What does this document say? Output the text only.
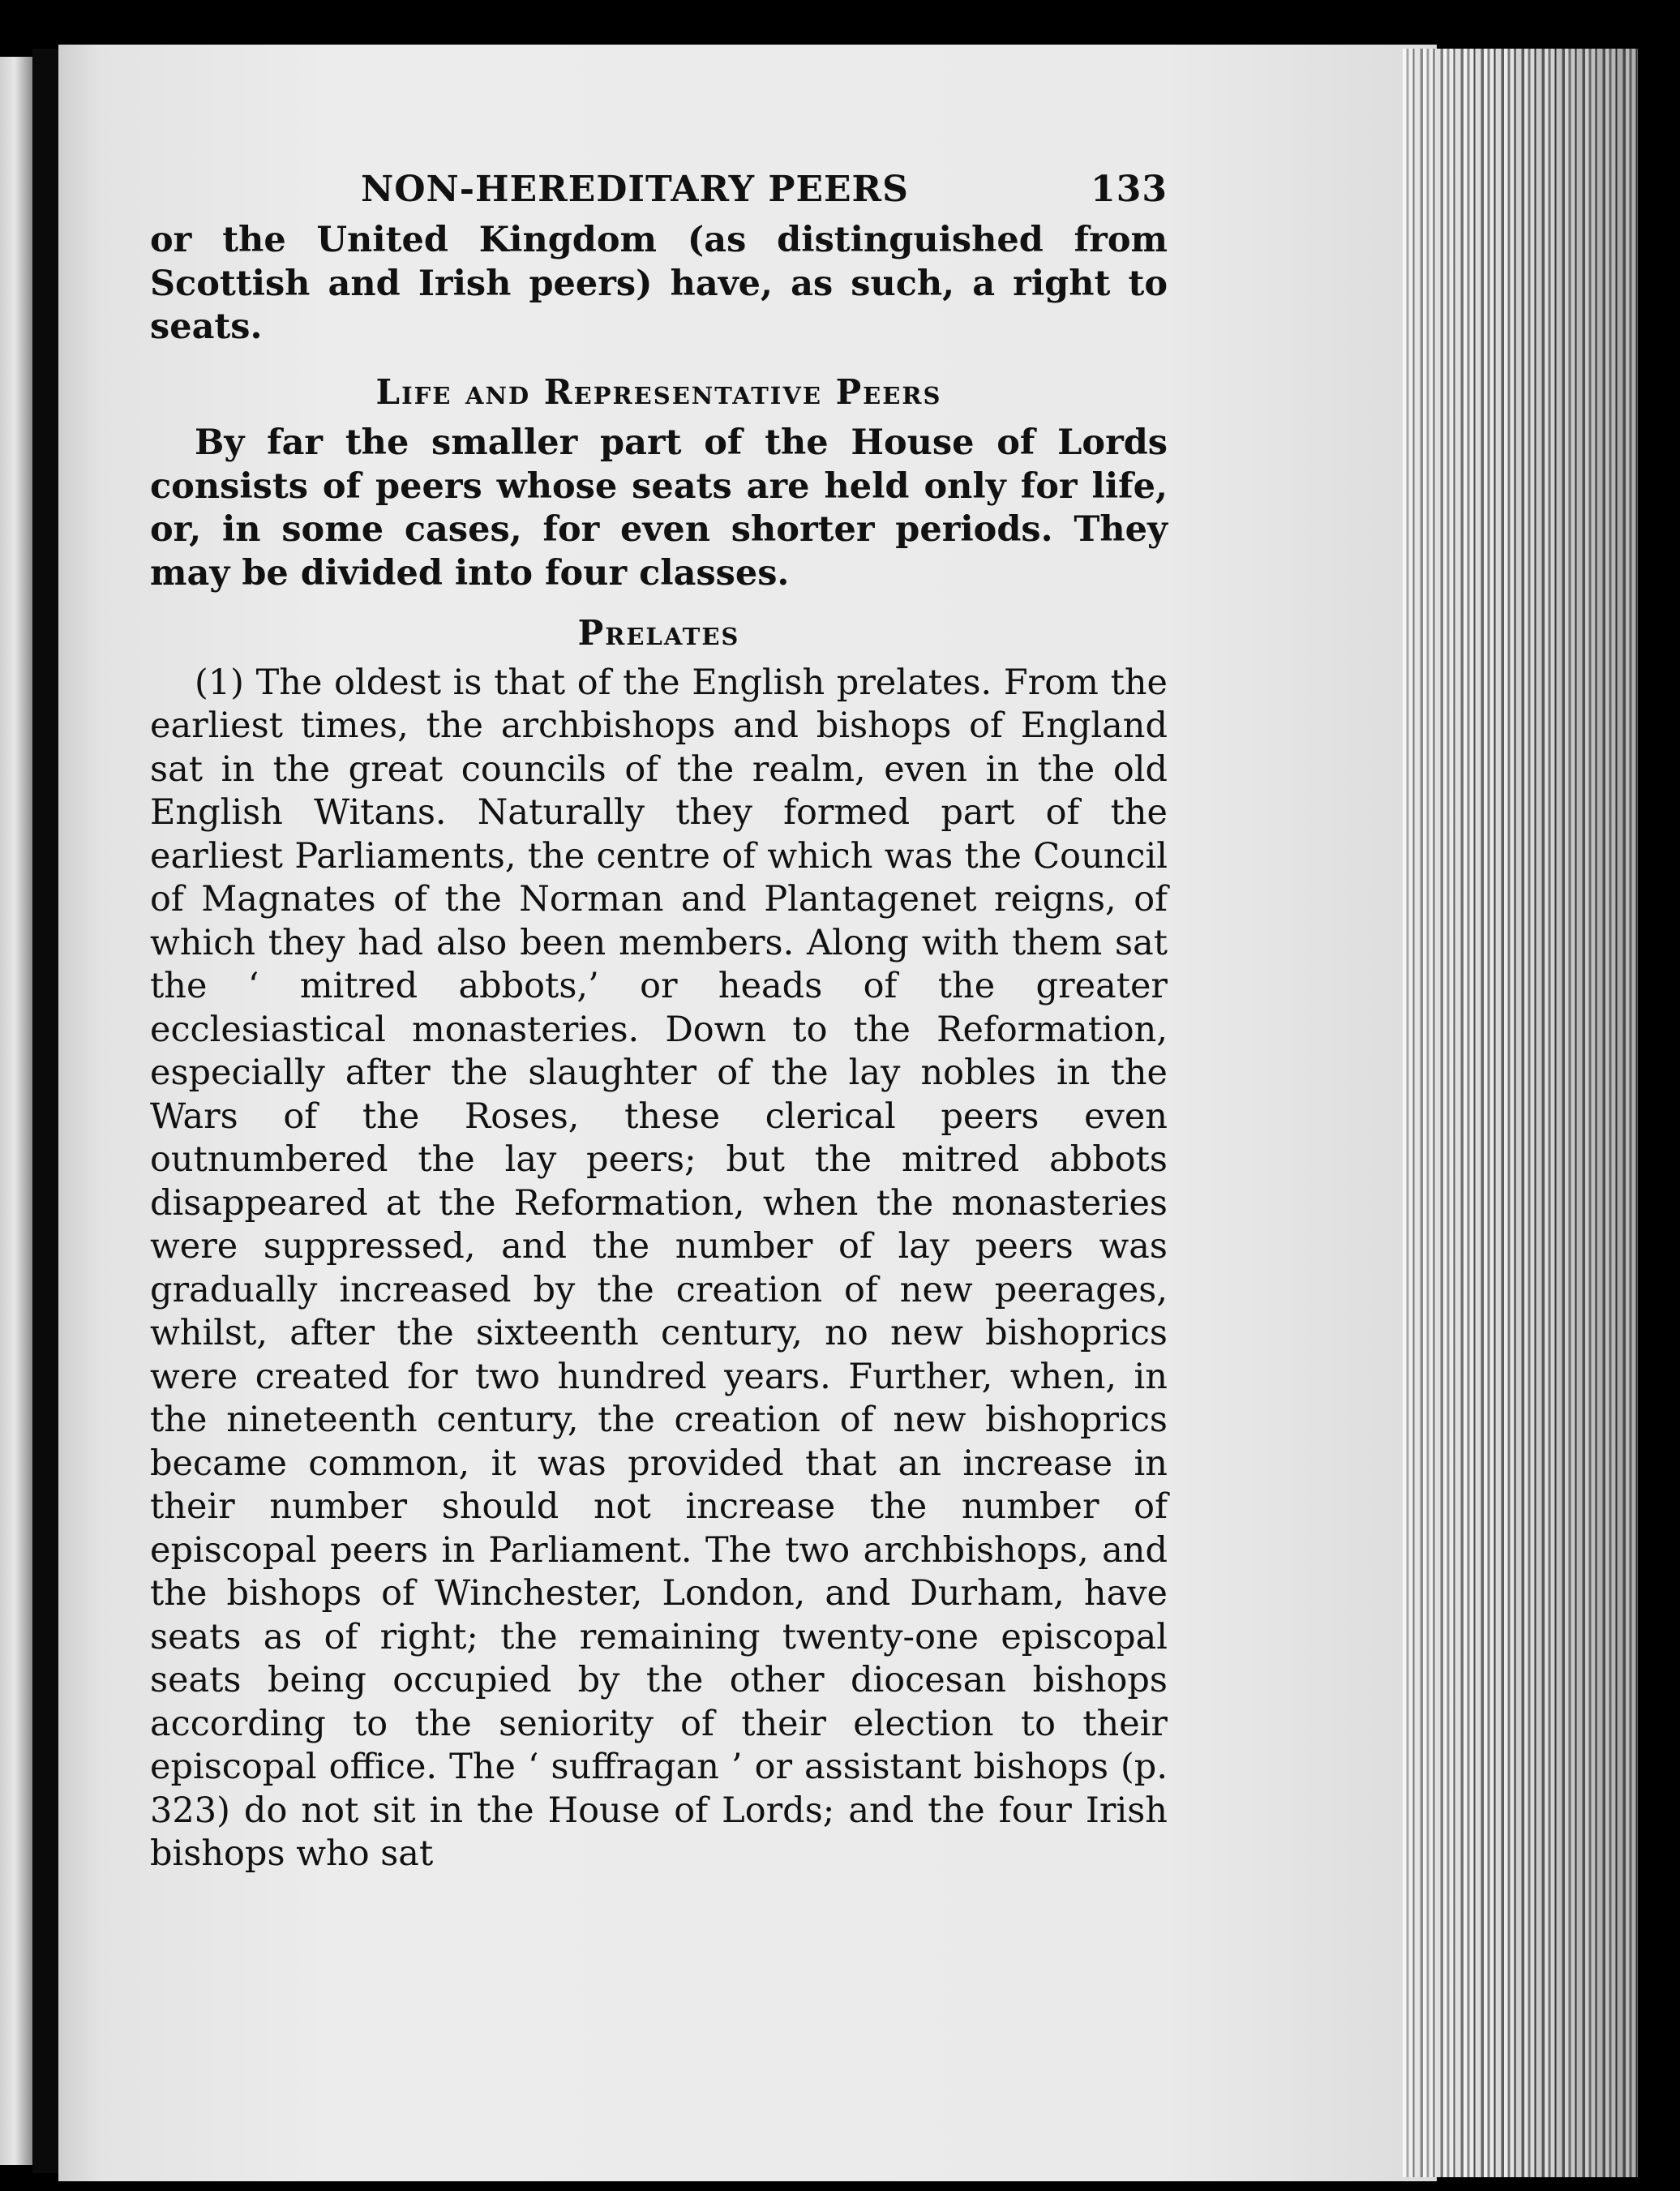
NON-HEREDITARY PEERS	133

or the United Kingdom (as distinguished from Scottish and Irish peers) have, as such, a right to seats.

Life and Representative Peers

By far the smaller part of the House of Lords consists of peers whose seats are held only for life, or, in some cases, for even shorter periods. They may be divided into four classes.

Prelates

(1) The oldest is that of the English prelates. From the earliest times, the archbishops and bishops of England sat in the great councils of the realm, even in the old English Witans. Naturally they formed part of the earliest Parliaments, the centre of which was the Council of Magnates of the Norman and Plantagenet reigns, of which they had also been members. Along with them sat the ‘ mitred abbots,’ or heads of the greater ecclesiastical monasteries. Down to the Reformation, especially after the slaughter of the lay nobles in the Wars of the Roses, these clerical peers even outnumbered the lay peers; but the mitred abbots disappeared at the Reformation, when the monasteries were suppressed, and the number of lay peers was gradually increased by the creation of new peerages, whilst, after the sixteenth century, no new bishoprics were created for two hundred years. Further, when, in the nineteenth century, the creation of new bishoprics became common, it was provided that an increase in their number should not increase the number of episcopal peers in Parliament. The two archbishops, and the bishops of Winchester, London, and Durham, have seats as of right; the remaining twenty-one episcopal seats being occupied by the other diocesan bishops according to the seniority of their election to their episcopal office. The ‘ suffragan ’ or assistant bishops (p. 323) do not sit in the House of Lords; and the four Irish bishops who sat
